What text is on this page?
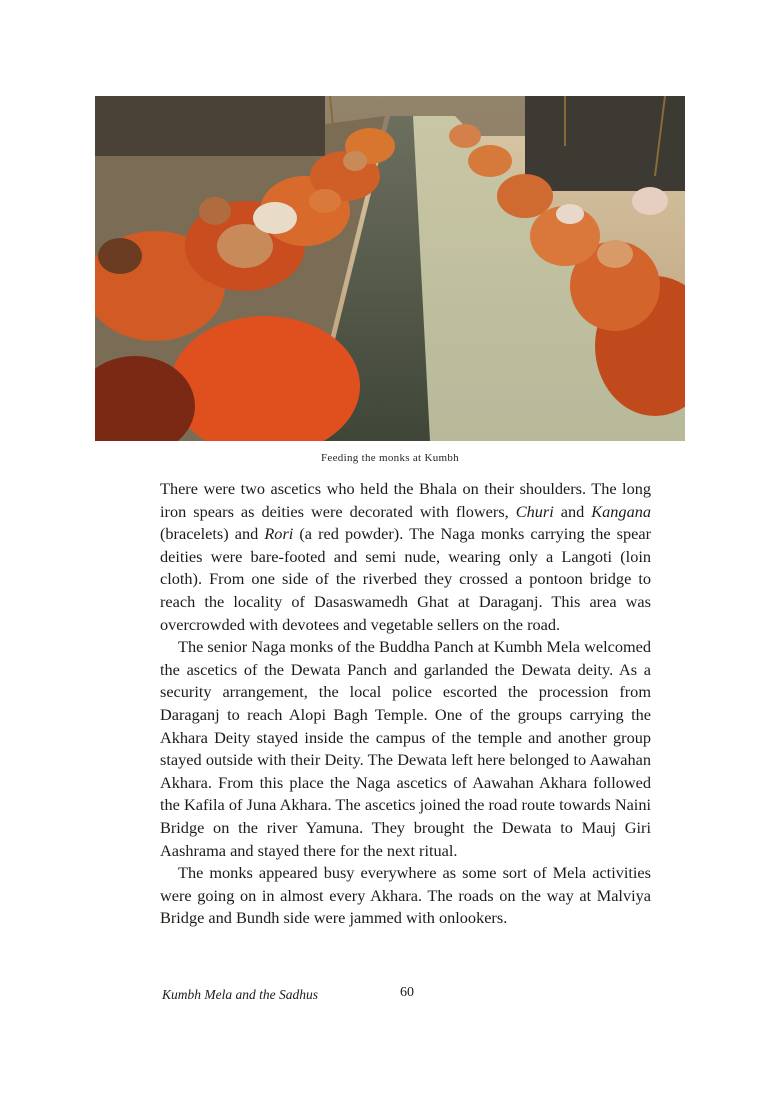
Feeding the monks at Kumbh

There were two ascetics who held the Bhala on their shoulders. The long iron spears as deities were decorated with flowers, Churi and Kangana (bracelets) and Rori (a red powder). The Naga monks carrying the spear deities were bare-footed and semi nude, wearing only a Langoti (loin cloth). From one side of the riverbed they crossed a pontoon bridge to reach the locality of Dasaswamedh Ghat at Daraganj. This area was overcrowded with devotees and vegetable sellers on the road.

The senior Naga monks of the Buddha Panch at Kumbh Mela welcomed the ascetics of the Dewata Panch and garlanded the Dewata deity. As a security arrangement, the local police escorted the procession from Daraganj to reach Alopi Bagh Temple. One of the groups carrying the Akhara Deity stayed inside the campus of the temple and another group stayed outside with their Deity. The Dewata left here belonged to Aawahan Akhara. From this place the Naga ascetics of Aawahan Akhara followed the Kafila of Juna Akhara. The ascetics joined the road route towards Naini Bridge on the river Yamuna. They brought the Dewata to Mauj Giri Aashrama and stayed there for the next ritual.

The monks appeared busy everywhere as some sort of Mela activities were going on in almost every Akhara. The roads on the way at Malviya Bridge and Bundh side were jammed with onlookers.

Kumbh Mela and the Sadhus	60
